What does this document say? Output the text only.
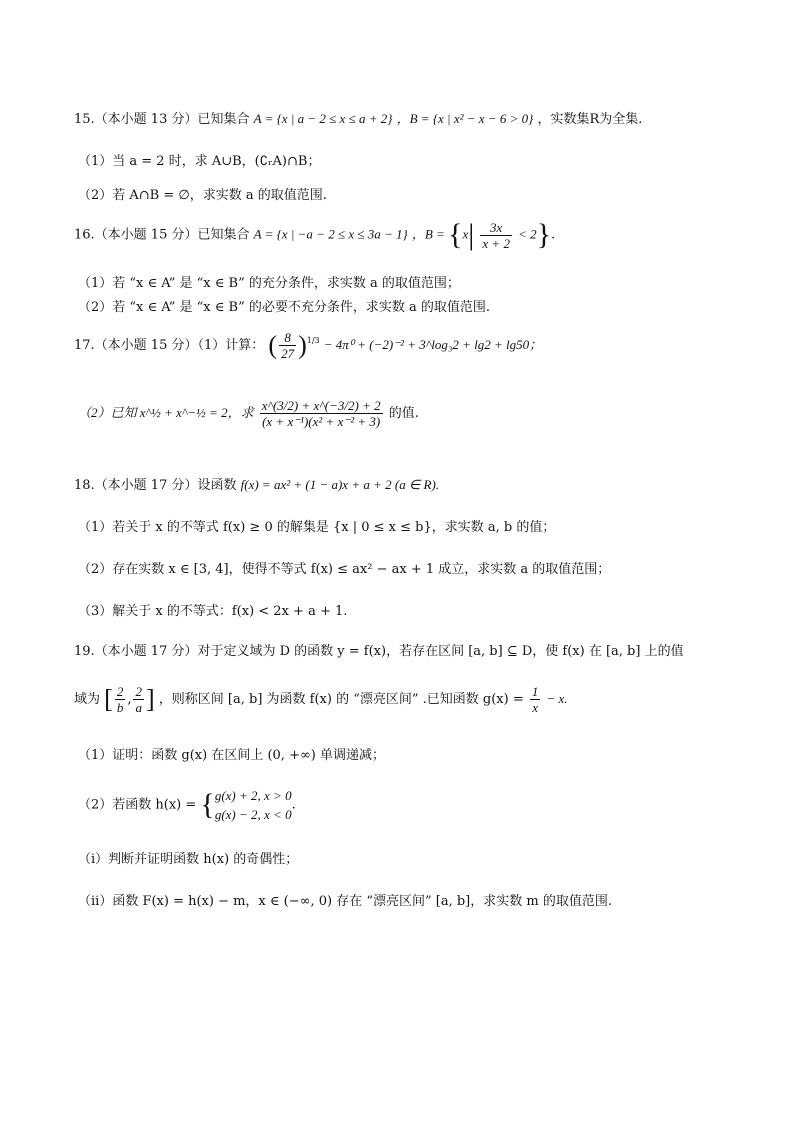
15.（本小题 13 分）已知集合 A = {x | a − 2 ≤ x ≤ a + 2} ，B = {x | x² − x − 6 > 0} ，实数集R为全集.
（1）当 a = 2 时，求 A∪B，(∁ᵣA)∩B；
（2）若 A∩B = ∅，求实数 a 的取值范围.
16.（本小题 15 分）已知集合 A = {x | −a − 2 ≤ x ≤ 3a − 1} ，$B = \{x| \frac{3x}{x + 2} < 2\}$.
（1）若 “x ∈ A” 是 “x ∈ B” 的充分条件，求实数 a 的取值范围；
（2）若 “x ∈ A” 是 “x ∈ B” 的必要不充分条件，求实数 a 的取值范围.
17.（本小题 15 分）（1）计算： ( $\frac{8}{27} )^{1/3} - 4\pi^0 + (-2)^{-2}$ + 3^log₃2 + lg2 + lg50；
（2）已知 x^½ + x^−½ = 2，求 $\frac{x\^{}(3/2) + x\^{}(-3/2) + 2}{\text{(x + x⁻¹)(x² + x⁻² + 3)}}$ 的值.
18.（本小题 17 分）设函数 f(x) = ax² + (1 − a)x + a + 2 (a ∈ R).
（1）若关于 x 的不等式 f(x) ≥ 0 的解集是 {x | 0 ≤ x ≤ b}，求实数 a, b 的值；
（2）存在实数 x ∈ [3, 4]，使得不等式 f(x) ≤ ax² − ax + 1 成立，求实数 a 的取值范围；
（3）解关于 x 的不等式：f(x) < 2x + a + 1.
19.（本小题 17 分）对于定义域为 D 的函数 y = f(x)，若存在区间 [a, b] ⊆ D，使 f(x) 在 [a, b] 上的值
域为 [ $\frac{2}{b}$ , $\frac{2}{a}$ ] ，则称区间 [a, b] 为函数 f(x) 的 “漂亮区间” .已知函数 $g(x) = \frac{1}{x} - x$.
（1）证明：函数 g(x) 在区间上 (0, +∞) 单调递减；
（2）若函数 h(x) = { g(x) + 2, x > 0
g(x) − 2, x < 0
.
（i）判断并证明函数 h(x) 的奇偶性；
（ii）函数 F(x) = h(x) − m，x ∈ (−∞, 0) 存在 “漂亮区间” [a, b]，求实数 m 的取值范围.
